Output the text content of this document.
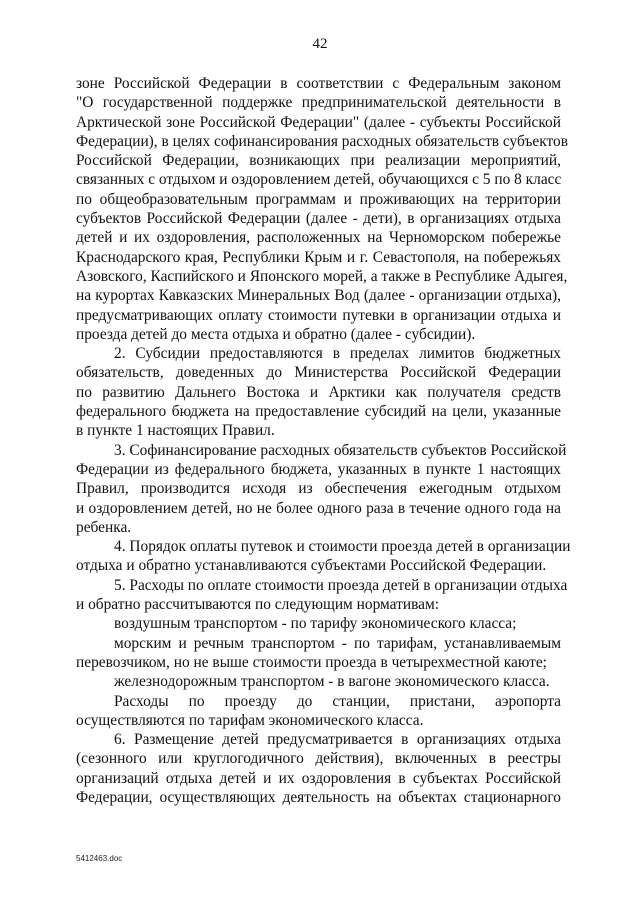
42
зоне Российской Федерации в соответствии с Федеральным законом
"О государственной поддержке предпринимательской деятельности в
Арктической зоне Российской Федерации" (далее - субъекты Российской
Федерации), в целях софинансирования расходных обязательств субъектов
Российской Федерации, возникающих при реализации мероприятий,
связанных с отдыхом и оздоровлением детей, обучающихся с 5 по 8 класс
по общеобразовательным программам и проживающих на территории
субъектов Российской Федерации (далее - дети), в организациях отдыха
детей и их оздоровления, расположенных на Черноморском побережье
Краснодарского края, Республики Крым и г. Севастополя, на побережьях
Азовского, Каспийского и Японского морей, а также в Республике Адыгея,
на курортах Кавказских Минеральных Вод (далее - организации отдыха),
предусматривающих оплату стоимости путевки в организации отдыха и
проезда детей до места отдыха и обратно (далее - субсидии).
2. Субсидии предоставляются в пределах лимитов бюджетных
обязательств, доведенных до Министерства Российской Федерации
по развитию Дальнего Востока и Арктики как получателя средств
федерального бюджета на предоставление субсидий на цели, указанные
в пункте 1 настоящих Правил.
3. Софинансирование расходных обязательств субъектов Российской
Федерации из федерального бюджета, указанных в пункте 1 настоящих
Правил, производится исходя из обеспечения ежегодным отдыхом
и оздоровлением детей, но не более одного раза в течение одного года на
ребенка.
4. Порядок оплаты путевок и стоимости проезда детей в организации
отдыха и обратно устанавливаются субъектами Российской Федерации.
5. Расходы по оплате стоимости проезда детей в организации отдыха
и обратно рассчитываются по следующим нормативам:
воздушным транспортом - по тарифу экономического класса;
морским и речным транспортом - по тарифам, устанавливаемым
перевозчиком, но не выше стоимости проезда в четырехместной каюте;
железнодорожным транспортом - в вагоне экономического класса.
Расходы по проезду до станции, пристани, аэропорта
осуществляются по тарифам экономического класса.
6. Размещение детей предусматривается в организациях отдыха
(сезонного или круглогодичного действия), включенных в реестры
организаций отдыха детей и их оздоровления в субъектах Российской
Федерации, осуществляющих деятельность на объектах стационарного
5412463.doc
